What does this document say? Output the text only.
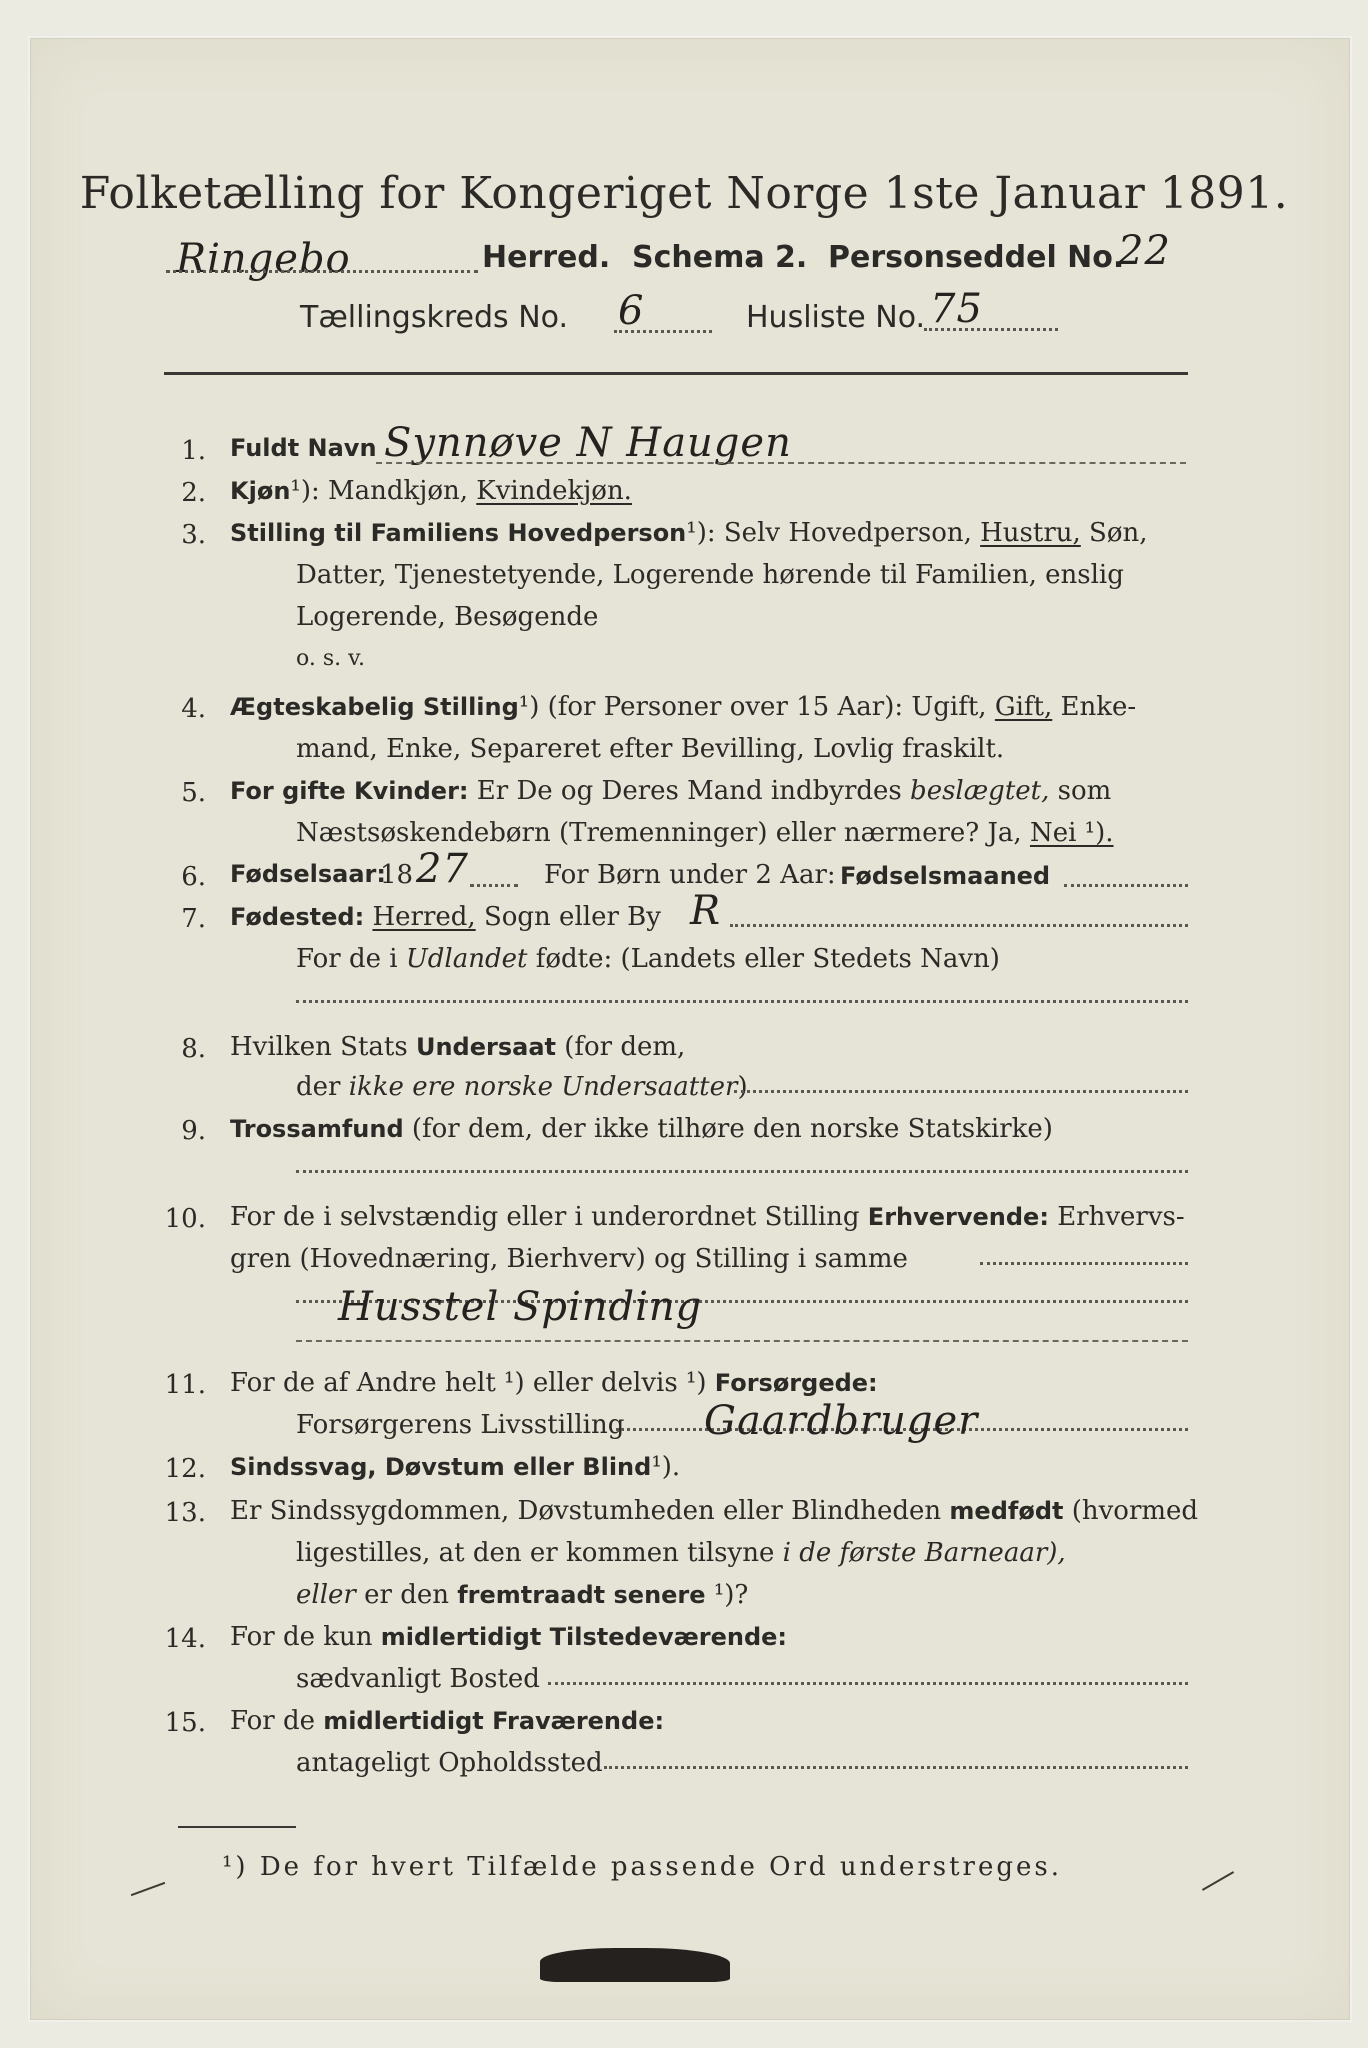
Folketælling for Kongeriget Norge 1ste Januar 1891.
Ringebo	Herred. Schema 2. Personseddel No.
22
Tællingskreds No. 6	Husliste No. 75
1. Fuldt Navn Synnøve N Haugen
2. Kjøn¹): Mandkjøn, Kvindekjøn.
3. Stilling til Familiens Hovedperson¹): Selv Hovedperson, Hustru, Søn,
Datter, Tjenestetyende, Logerende hørende til Familien, enslig
Logerende, Besøgende
o. s. v.
4. Ægteskabelig Stilling¹) (for Personer over 15 Aar): Ugift, Gift, Enke-
mand, Enke, Separeret efter Bevilling, Lovlig fraskilt.
5. For gifte Kvinder: Er De og Deres Mand indbyrdes beslægtet, som
Næstsøskendebørn (Tremenninger) eller nærmere? Ja, Nei ¹).
6. Fødselsaar:
18 27	For Børn under 2 Aar: Fødselsmaaned
7. Fødested: Herred, Sogn eller By R
For de i Udlandet fødte: (Landets eller Stedets Navn)
8. Hvilken Stats Undersaat (for dem,
der ikke ere norske Undersaatter)
9. Trossamfund (for dem, der ikke tilhøre den norske Statskirke)
10. For de i selvstændig eller i underordnet Stilling Erhvervende: Erhvervs-
gren (Hovednæring, Bierhverv) og Stilling i samme
Husstel Spinding
11. For de af Andre helt ¹) eller delvis ¹) Forsørgede:
Forsørgerens Livsstilling Gaardbruger
12. Sindssvag, Døvstum eller Blind¹).
13. Er Sindssygdommen, Døvstumheden eller Blindheden medfødt (hvormed
ligestilles, at den er kommen tilsyne i de første Barneaar),
eller er den fremtraadt senere ¹)?
14. For de kun midlertidigt Tilstedeværende:
sædvanligt Bosted
15. For de midlertidigt Fraværende:
antageligt Opholdssted
¹) De for hvert Tilfælde passende Ord understreges.
